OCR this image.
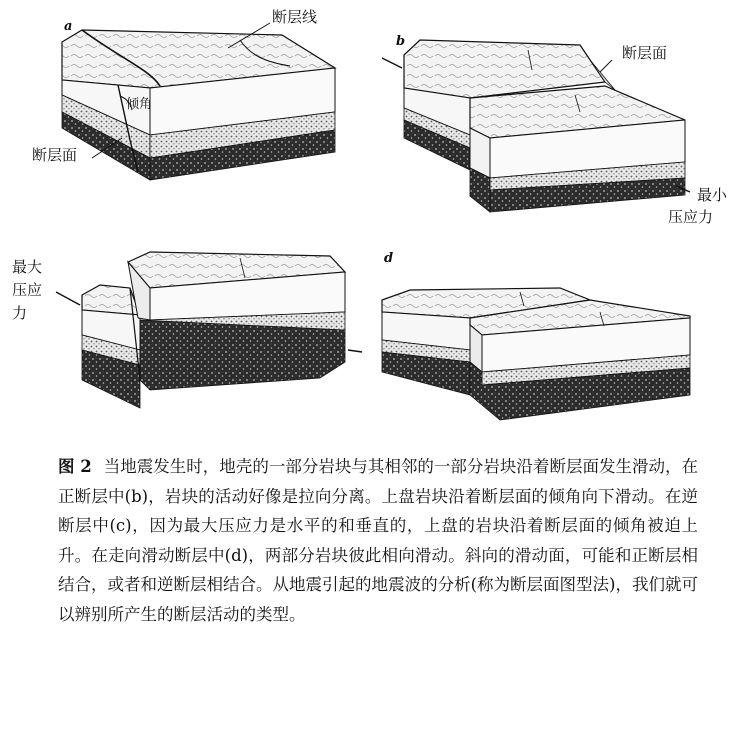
a
断层线
倾角
断层面
b
断层面
最小
压应力
最大
压应
力
d
图 2 当地震发生时，地壳的一部分岩块与其相邻的一部分岩块沿着断层面发生滑动，在正断层中(b)，岩块的活动好像是拉向分离。上盘岩块沿着断层面的倾角向下滑动。在逆断层中(c)，因为最大压应力是水平的和垂直的，上盘的岩块沿着断层面的倾角被迫上升。在走向滑动断层中(d)，两部分岩块彼此相向滑动。斜向的滑动面，可能和正断层相结合，或者和逆断层相结合。从地震引起的地震波的分析(称为断层面图型法)，我们就可以辨别所产生的断层活动的类型。
